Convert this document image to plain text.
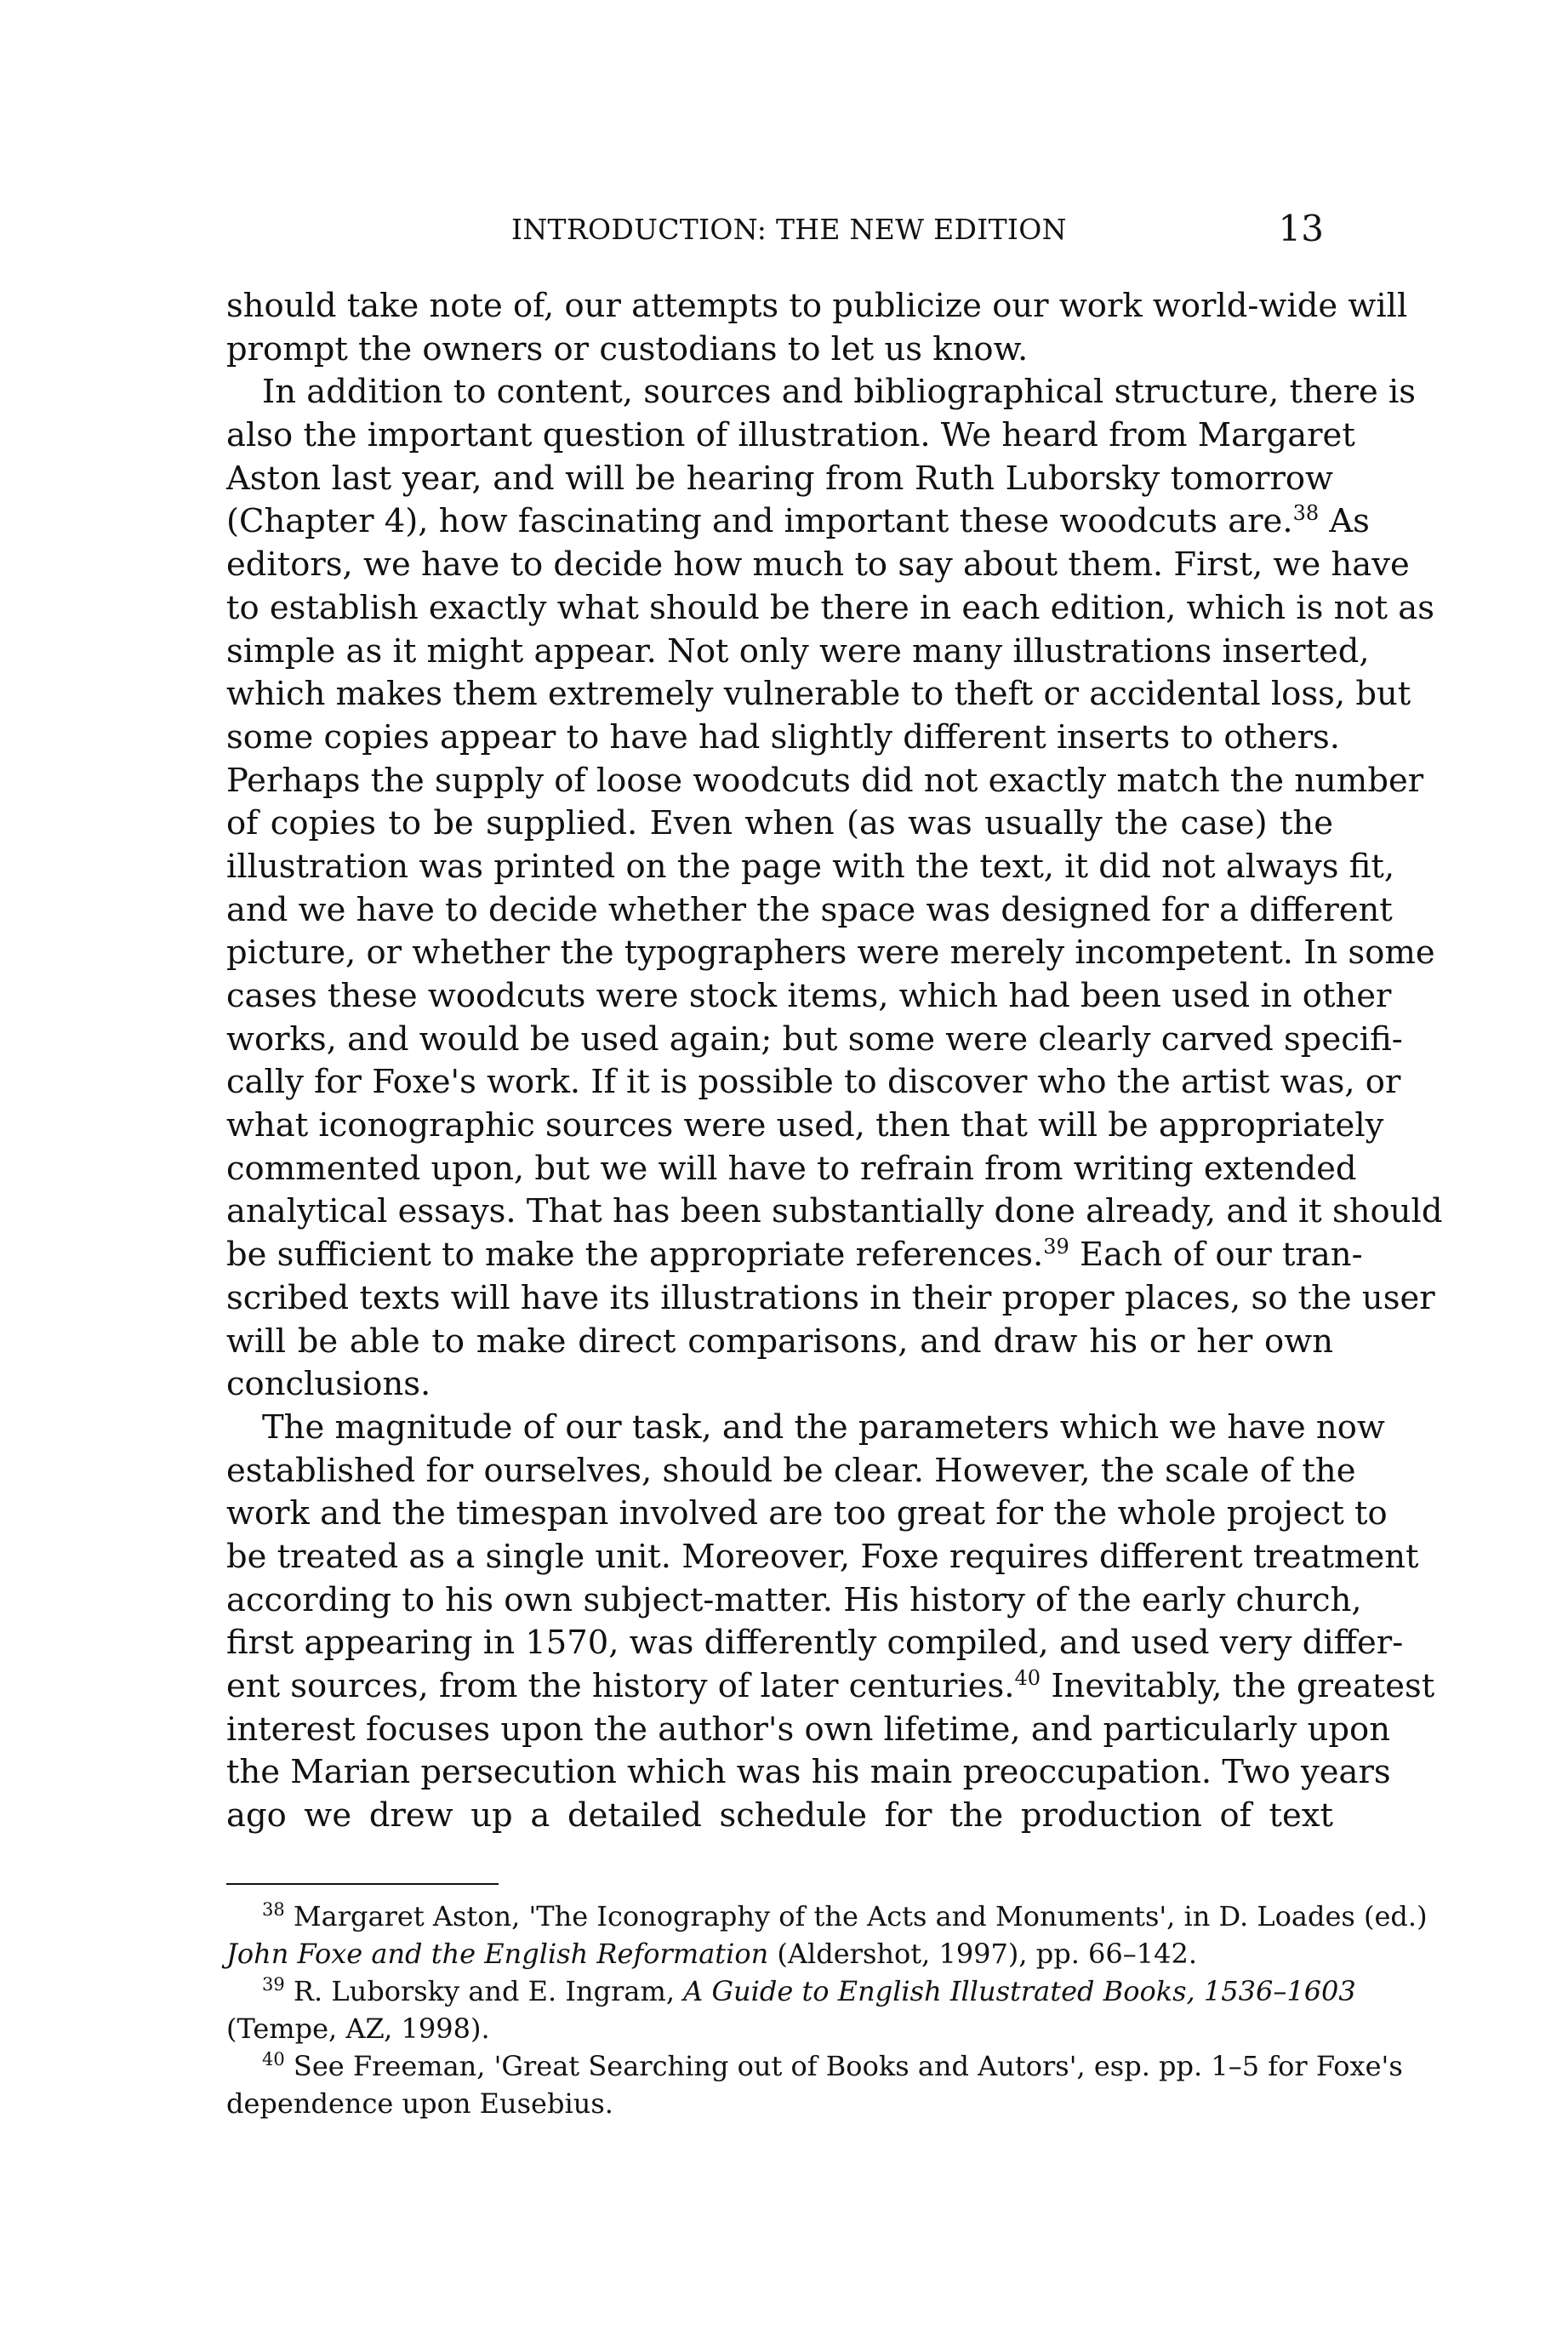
INTRODUCTION: THE NEW EDITION	13
should take note of, our attempts to publicize our work world-wide will
prompt the owners or custodians to let us know.
In addition to content, sources and bibliographical structure, there is
also the important question of illustration. We heard from Margaret
Aston last year, and will be hearing from Ruth Luborsky tomorrow
(Chapter 4), how fascinating and important these woodcuts are.$^{38}$ As
editors, we have to decide how much to say about them. First, we have
to establish exactly what should be there in each edition, which is not as
simple as it might appear. Not only were many illustrations inserted,
which makes them extremely vulnerable to theft or accidental loss, but
some copies appear to have had slightly different inserts to others.
Perhaps the supply of loose woodcuts did not exactly match the number
of copies to be supplied. Even when (as was usually the case) the
illustration was printed on the page with the text, it did not always fit,
and we have to decide whether the space was designed for a different
picture, or whether the typographers were merely incompetent. In some
cases these woodcuts were stock items, which had been used in other
works, and would be used again; but some were clearly carved specifi-
cally for Foxe's work. If it is possible to discover who the artist was, or
what iconographic sources were used, then that will be appropriately
commented upon, but we will have to refrain from writing extended
analytical essays. That has been substantially done already, and it should
be sufficient to make the appropriate references.$^{39}$ Each of our tran-
scribed texts will have its illustrations in their proper places, so the user
will be able to make direct comparisons, and draw his or her own
conclusions.
The magnitude of our task, and the parameters which we have now
established for ourselves, should be clear. However, the scale of the
work and the timespan involved are too great for the whole project to
be treated as a single unit. Moreover, Foxe requires different treatment
according to his own subject-matter. His history of the early church,
first appearing in 1570, was differently compiled, and used very differ-
ent sources, from the history of later centuries.$^{40}$ Inevitably, the greatest
interest focuses upon the author's own lifetime, and particularly upon
the Marian persecution which was his main preoccupation. Two years
ago we drew up a detailed schedule for the production of text
$^{38}$ Margaret Aston, 'The Iconography of the Acts and Monuments', in D. Loades (ed.)
John Foxe and the English Reformation (Aldershot, 1997), pp. 66–142.
$^{39}$ R. Luborsky and E. Ingram, A Guide to English Illustrated Books, 1536–1603
(Tempe, AZ, 1998).
$^{40}$ See Freeman, 'Great Searching out of Books and Autors', esp. pp. 1–5 for Foxe's
dependence upon Eusebius.
